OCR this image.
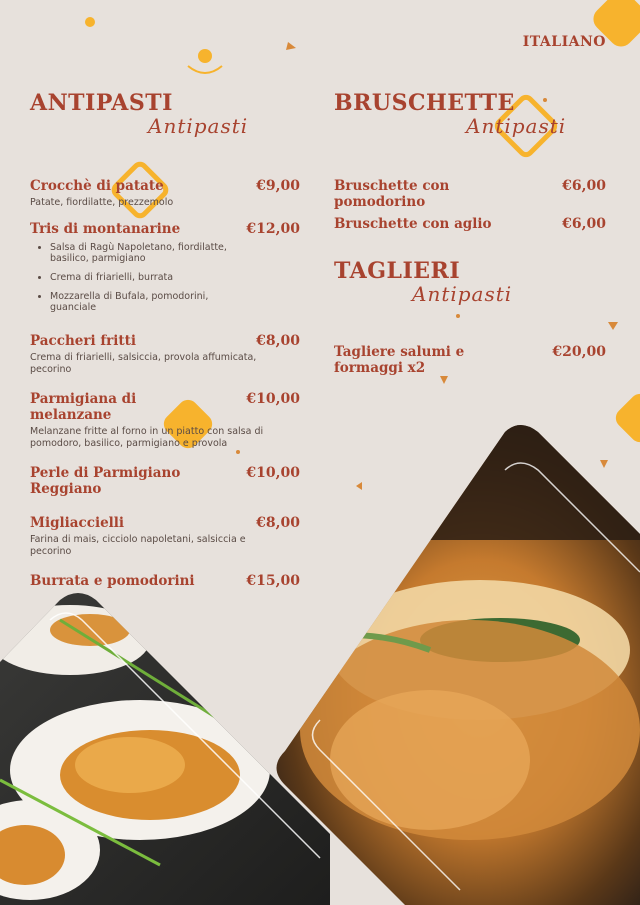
ITALIANO
ANTIPASTI
Antipasti
Crocchè di patate	€9,00
Patate, fiordilatte, prezzemolo
Tris di montanarine	€12,00
• Salsa di Ragù Napoletano, fiordilatte, basilico, parmigiano
• Crema di friarielli, burrata
• Mozzarella di Bufala, pomodorini, guanciale
Paccheri fritti	€8,00
Crema di friarielli, salsiccia, provola affumicata, pecorino
Parmigiana di melanzane
€10,00
Melanzane fritte al forno in un piatto con salsa di pomodoro, basilico, parmigiano e provola
Perle di Parmigiano Reggiano
€10,00
Migliaccielli	€8,00
Farina di mais, cicciolo napoletani, salsiccia e pecorino
Burrata e pomodorini	€15,00
BRUSCHETTE
Antipasti
Bruschette con pomodorino
€6,00
Bruschette con aglio	€6,00
TAGLIERI
Antipasti
Tagliere salumi e formaggi x2
€20,00
